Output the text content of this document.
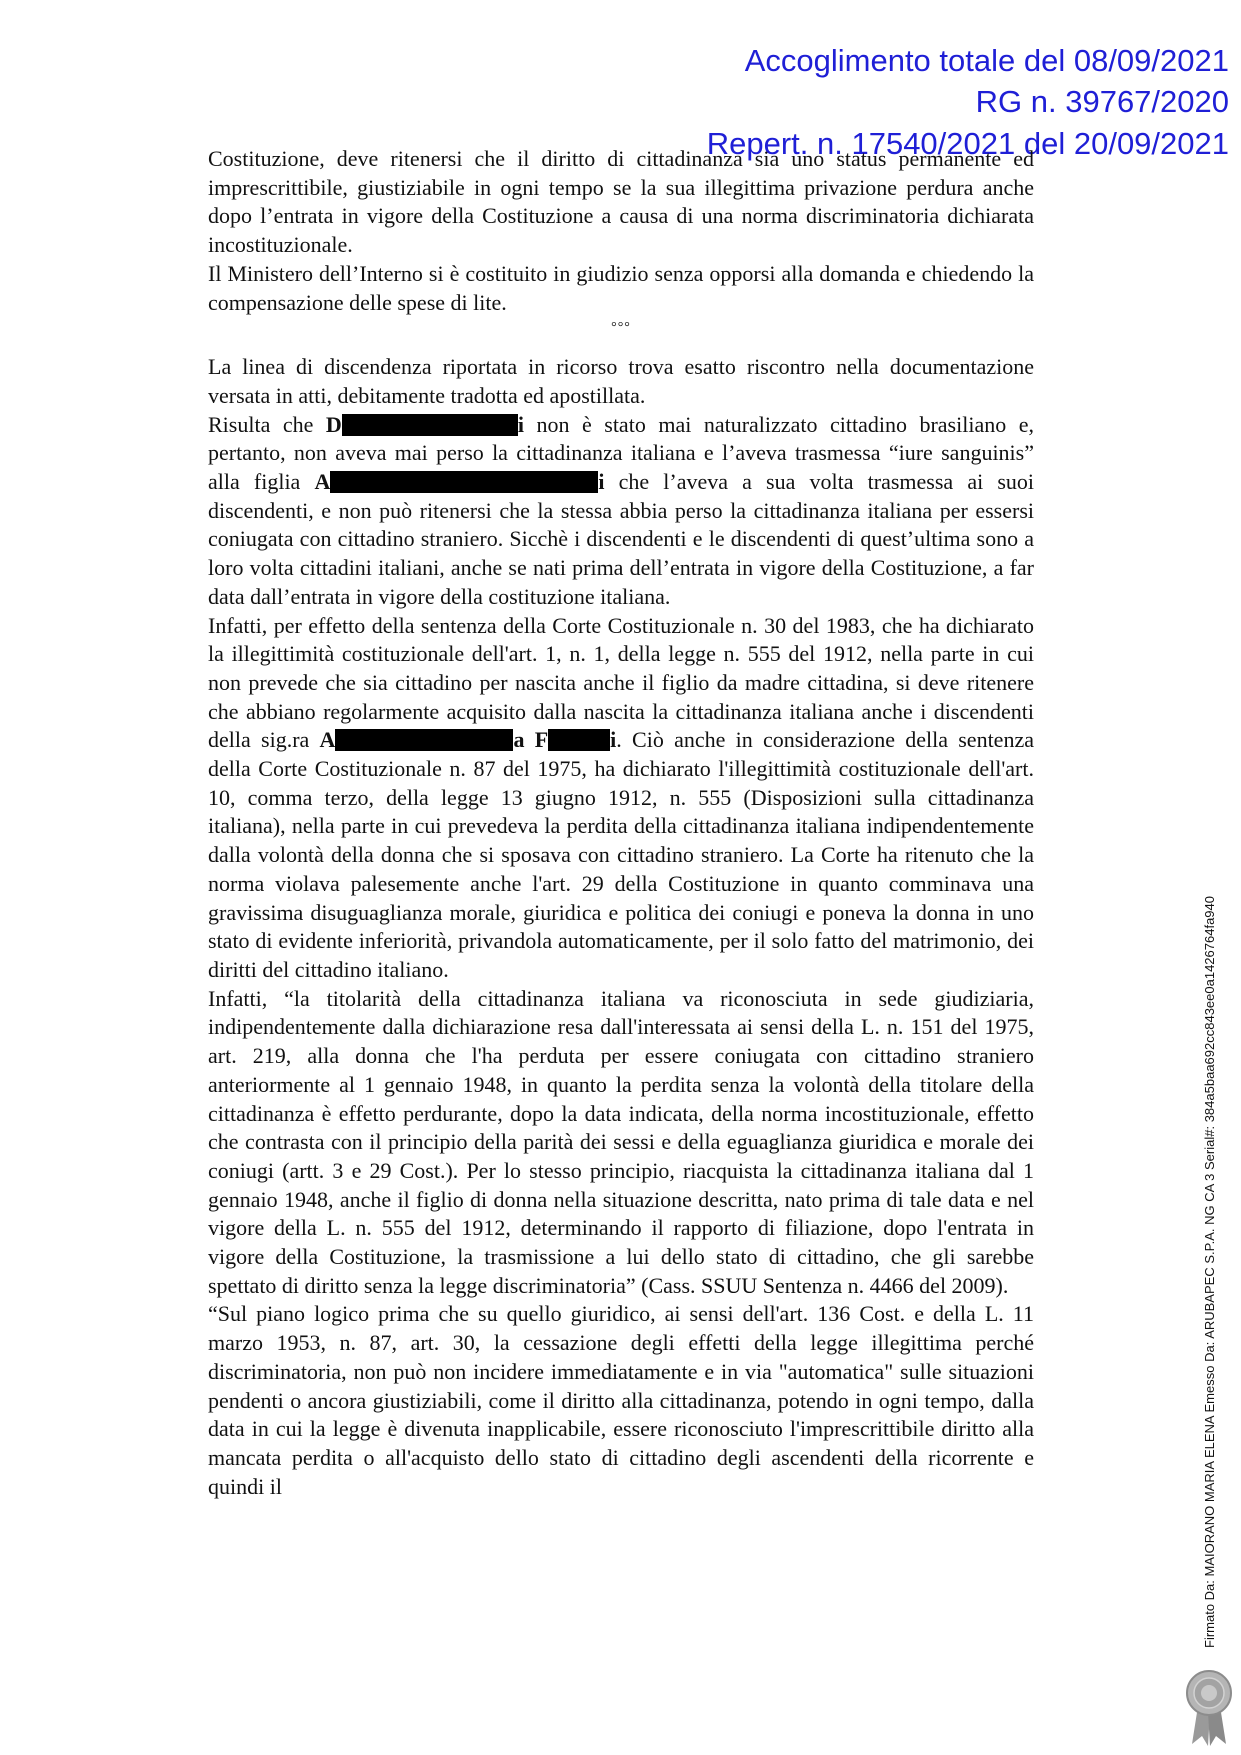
Accoglimento totale del 08/09/2021
RG n. 39767/2020
Repert. n. 17540/2021 del 20/09/2021

Costituzione, deve ritenersi che il diritto di cittadinanza sia uno status permanente ed imprescrittibile, giustiziabile in ogni tempo se la sua illegittima privazione perdura anche dopo l’entrata in vigore della Costituzione a causa di una norma discriminatoria dichiarata incostituzionale.

Il Ministero dell’Interno si è costituito in giudizio senza opporsi alla domanda e chiedendo la compensazione delle spese di lite.

°°°

La linea di discendenza riportata in ricorso trova esatto riscontro nella documentazione versata in atti, debitamente tradotta ed apostillata.

Risulta che D	i non è stato mai naturalizzato cittadino brasiliano e, pertanto, non aveva mai perso la cittadinanza italiana e l’aveva trasmessa “iure sanguinis” alla figlia A	i che l’aveva a sua volta trasmessa ai suoi discendenti, e non può ritenersi che la stessa abbia perso la cittadinanza italiana per essersi coniugata con cittadino straniero. Sicchè i discendenti e le discendenti di quest’ultima sono a loro volta cittadini italiani, anche se nati prima dell’entrata in vigore della Costituzione, a far data dall’entrata in vigore della costituzione italiana.

Infatti, per effetto della sentenza della Corte Costituzionale n. 30 del 1983, che ha dichiarato la illegittimità costituzionale dell'art. 1, n. 1, della legge n. 555 del 1912, nella parte in cui non prevede che sia cittadino per nascita anche il figlio da madre cittadina, si deve ritenere che abbiano regolarmente acquisito dalla nascita la cittadinanza italiana anche i discendenti della sig.ra A	a F	i. Ciò anche in considerazione della sentenza della Corte Costituzionale n. 87 del 1975, ha dichiarato l'illegittimità costituzionale dell'art. 10, comma terzo, della legge 13 giugno 1912, n. 555 (Disposizioni sulla cittadinanza italiana), nella parte in cui prevedeva la perdita della cittadinanza italiana indipendentemente dalla volontà della donna che si sposava con cittadino straniero. La Corte ha ritenuto che la norma violava palesemente anche l'art. 29 della Costituzione in quanto comminava una gravissima disuguaglianza morale, giuridica e politica dei coniugi e poneva la donna in uno stato di evidente inferiorità, privandola automaticamente, per il solo fatto del matrimonio, dei diritti del cittadino italiano.

Infatti, “la titolarità della cittadinanza italiana va riconosciuta in sede giudiziaria, indipendentemente dalla dichiarazione resa dall'interessata ai sensi della L. n. 151 del 1975, art. 219, alla donna che l'ha perduta per essere coniugata con cittadino straniero anteriormente al 1 gennaio 1948, in quanto la perdita senza la volontà della titolare della cittadinanza è effetto perdurante, dopo la data indicata, della norma incostituzionale, effetto che contrasta con il principio della parità dei sessi e della eguaglianza giuridica e morale dei coniugi (artt. 3 e 29 Cost.). Per lo stesso principio, riacquista la cittadinanza italiana dal 1 gennaio 1948, anche il figlio di donna nella situazione descritta, nato prima di tale data e nel vigore della L. n. 555 del 1912, determinando il rapporto di filiazione, dopo l'entrata in vigore della Costituzione, la trasmissione a lui dello stato di cittadino, che gli sarebbe spettato di diritto senza la legge discriminatoria” (Cass. SSUU Sentenza n. 4466 del 2009).

“Sul piano logico prima che su quello giuridico, ai sensi dell'art. 136 Cost. e della L. 11 marzo 1953, n. 87, art. 30, la cessazione degli effetti della legge illegittima perché discriminatoria, non può non incidere immediatamente e in via "automatica" sulle situazioni pendenti o ancora giustiziabili, come il diritto alla cittadinanza, potendo in ogni tempo, dalla data in cui la legge è divenuta inapplicabile, essere riconosciuto l'imprescrittibile diritto alla mancata perdita o all'acquisto dello stato di cittadino degli ascendenti della ricorrente e quindi il	Firmato Da: MAIORANO MARIA ELENA Emesso Da: ARUBAPEC S.P.A. NG CA 3 Serial#: 384a5baa692cc843ee0a1426764fa940
